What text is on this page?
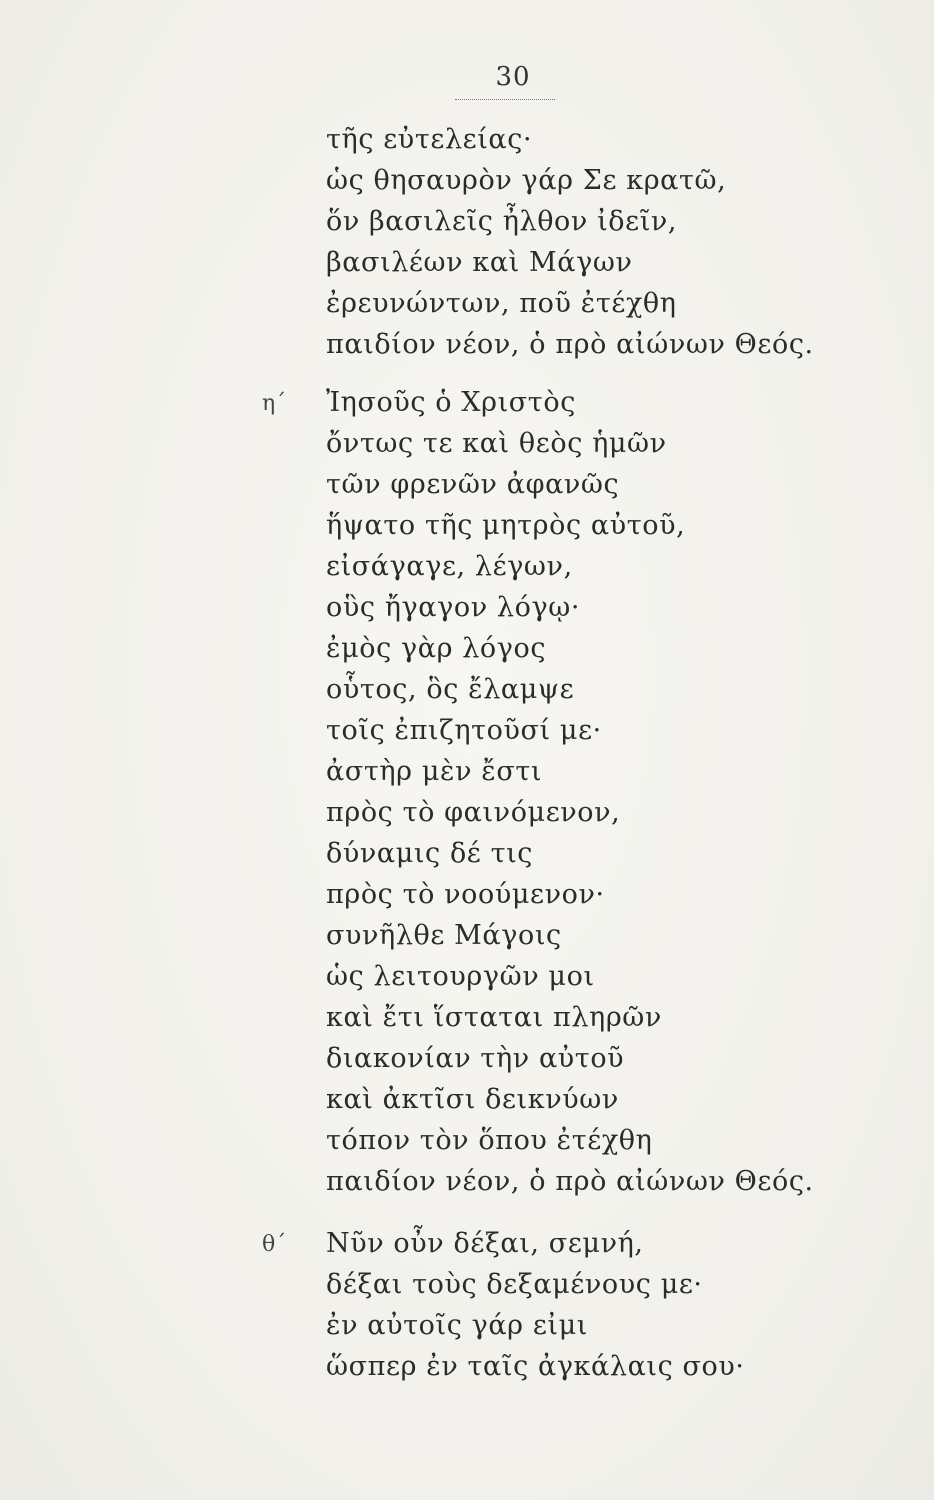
30
τῆς εὐτελείας·
ὡς θησαυρὸν γάρ Σε κρατῶ,
ὅν βασιλεῖς ἦλθον ἰδεῖν,
βασιλέων καὶ Μάγων
ἐρευνώντων, ποῦ ἐτέχθη
παιδίον νέον, ὁ πρὸ αἰώνων Θεός.
η΄ Ἰησοῦς ὁ Χριστὸς
ὄντως τε καὶ θεὸς ἡμῶν
τῶν φρενῶν ἀφανῶς
ἥψατο τῆς μητρὸς αὐτοῦ,
εἰσάγαγε, λέγων,
οὓς ἤγαγον λόγῳ·
ἐμὸς γὰρ λόγος
οὗτος, ὃς ἔλαμψε
τοῖς ἐπιζητοῦσί με·
ἀστὴρ μὲν ἔστι
πρὸς τὸ φαινόμενον,
δύναμις δέ τις
πρὸς τὸ νοούμενον·
συνῆλθε Μάγοις
ὡς λειτουργῶν μοι
καὶ ἔτι ἵσταται πληρῶν
διακονίαν τὴν αὐτοῦ
καὶ ἀκτῖσι δεικνύων
τόπον τὸν ὅπου ἐτέχθη
παιδίον νέον, ὁ πρὸ αἰώνων Θεός.
θ΄ Νῦν οὖν δέξαι, σεμνή,
δέξαι τοὺς δεξαμένους με·
ἐν αὐτοῖς γάρ εἰμι
ὥσπερ ἐν ταῖς ἀγκάλαις σου·
